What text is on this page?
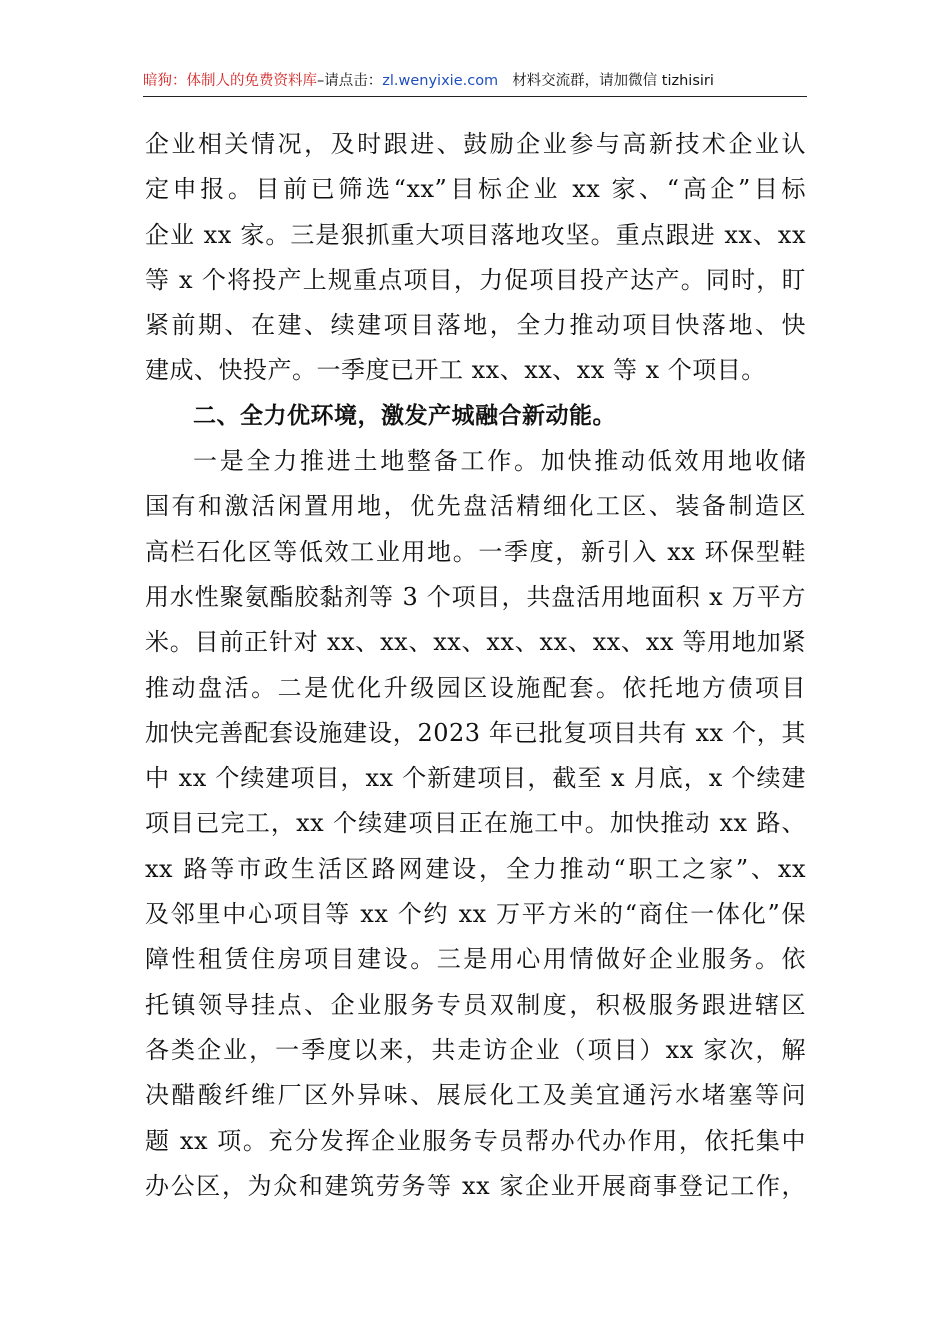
暗狗：体制人的免费资料库–请点击：zl.wenyixie.com 材料交流群，请加微信 tizhisiri
企业相关情况，及时跟进、鼓励企业参与高新技术企业认
定申报。目前已筛选“xx”目标企业 xx 家、“高企”目标
企业 xx 家。三是狠抓重大项目落地攻坚。重点跟进 xx、xx
等 x 个将投产上规重点项目，力促项目投产达产。同时，盯
紧前期、在建、续建项目落地，全力推动项目快落地、快
建成、快投产。一季度已开工 xx、xx、xx 等 x 个项目。
二、全力优环境，激发产城融合新动能。
一是全力推进土地整备工作。加快推动低效用地收储
国有和激活闲置用地，优先盘活精细化工区、装备制造区
高栏石化区等低效工业用地。一季度，新引入 xx 环保型鞋
用水性聚氨酯胶黏剂等 3 个项目，共盘活用地面积 x 万平方
米。目前正针对 xx、xx、xx、xx、xx、xx、xx 等用地加紧
推动盘活。二是优化升级园区设施配套。依托地方债项目
加快完善配套设施建设，2023 年已批复项目共有 xx 个，其
中 xx 个续建项目，xx 个新建项目，截至 x 月底，x 个续建
项目已完工，xx 个续建项目正在施工中。加快推动 xx 路、
xx 路等市政生活区路网建设，全力推动“职工之家”、xx
及邻里中心项目等 xx 个约 xx 万平方米的“商住一体化”保
障性租赁住房项目建设。三是用心用情做好企业服务。依
托镇领导挂点、企业服务专员双制度，积极服务跟进辖区
各类企业，一季度以来，共走访企业（项目）xx 家次，解
决醋酸纤维厂区外异味、展辰化工及美宜通污水堵塞等问
题 xx 项。充分发挥企业服务专员帮办代办作用，依托集中
办公区，为众和建筑劳务等 xx 家企业开展商事登记工作，
